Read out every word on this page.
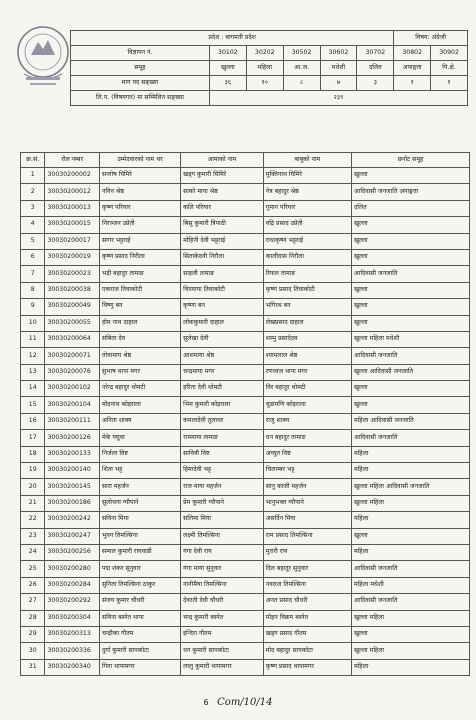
प्रदेश : बागमती प्रदेश						विषय: अंग्रेजी	
विज्ञापन नं.	30102	30202	30502	30602	30702	30802	30902
समूह	खुल्ला	महिला	आ.ज.	मधेशी	दलित	अपाङ्गता	पि.क्षे.
माग पद सङ्ख्या	३६	१०	८	७	३	१	१
लि.प. (विषयगत) मा सम्मिलित सङ्ख्या	२३९						
क्र.सं.	रोल नम्बर	उम्मेदवारको नाम थर	आमाको नाम	बाबुको नाम	छनोट समूह
1	30030200002	सन्तोष घिमिरे	खड्ग कुमारी घिमिरे	मुक्तिनाथ घिमिरे	खुल्ला
2	30030200012	नविन श्रेष्ठ	साको माया श्रेष्ठ	नेत्र बहादुर श्रेष्ठ	आदिवासी जनजाति अपाङ्गता
3	30030200013	कृष्ण परियार	कलि परियार	गुमान परियार	दलित
4	30030200015	निरञ्जन उप्रेती	बिसु कुमारी त्रिपाठी	वद्रि प्रसाद उप्रेती	खुल्ला
5	30030200017	सागर भट्टराई	मोहिनी देवी भट्टराई	राधाकृष्ण भट्टराई	खुल्ला
6	30030200019	कृष्ण प्रसाद निरौला	सिताकेदवी निरौला	कालीदास निरौला	खुल्ला
7	30030200023	भद्री बहादुर तामाङ	साइली तामाङ	रिफल तामाङ	आदिवासी जनजाति
8	30030200038	एकराज तिवाकोटी	चिरमाया तिवाकोटी	कृष्ण प्रसाद तिवाकोटी	खुल्ला
9	30030200049	विष्णु बन	कृष्णा बन	भगिरथ बन	खुल्ला
10	30030200055	होम नाथ दाहाल	लोककुमारी दाहाल	लेखप्रसाद दाहाल	खुल्ला
11	30030200064	सबिता देव	सुलेखा देवी	शम्भु प्रसादेदव	खुल्ला महिला मधेशी
12	30030200071	तोयामाय श्रेष्ठ	आशमाया श्रेष्ठ	श्यामलाल श्रेष्ठ	आदिवासी जनजाति
13	30030200076	सुभाष थापा मगर	चन्द्रमाया मगर	रणध्वज थापा मगर	खुल्ला आदिवासी जनजाति
14	30030200102	नरेन्द्र बहादुर थोमटी	हरिता देवी थोमटी	विर बहादुर थोमटी	खुल्ला
15	30030200104	मोदनाथ कोइराला	भिम कुमारी कोइराला	चुडामणि कोइराला	खुल्ला
16	30030200111	अनिता शाक्य	कमलादेवी तुलाधर	राजु शाक्य	महिला आदिवासी जनजाति
17	30030200126	मेके यघुवा	राममाया तामाङ	धन बहादुर तामाङ	आदिवासी जनजाति
18	30030200133	निर्जला विष्ट	सावित्री विष्ट	अच्युत विष्ट	महिला
19	30030200140	शिता भट्ट	हिमादेवी भट्ट	चिलाम्बर भट्ट	महिला
20	30030200145	सारा महर्जन	राज माया महर्जन	सानु काजी महर्जन	खुल्ला महिला आदिवासी जनजाति
21	30030200186	सुलोचना ग्यौपाने	प्रेम कुमारी ग्यौपाने	भानुभक्त ग्यौपाने	खुल्ला महिला
22	30030200242	सविना मिया	सलिमा मिया	असर्दिन मिया	महिला
23	30030200247	भुवन तिमल्सिना	लक्ष्मी तिमल्सिना	राम प्रसाद तिमल्सिना	खुल्ला
24	30030200256	सम्वल कुमारी राघवाडी	गंगा देवी राय	मुरारी राय	महिला
25	30030200280	पद्म शंकर सुनुवार	गंगा माया सुनुवार	दिल बहादुर सुनुवार	आदिवासी जनजाति
26	30030200284	सुनिता तिमल्सिना ठाकुर	नानीमैया तिमल्सिना	नवराज तिमल्सिना	महिला मधेशी
27	30030200292	संजय कुमार चौधरी	देवरती देवी चौधरी	अनत प्रसाद चौधरी	आदिवासी जनजाति
28	30030200304	सविना बस्नेत थापा	चन्द्र कुमारी बस्नेत	मोहन विक्रम बस्नेत	खुल्ला महिला
29	30030200313	चन्द्रीका गौतम	इन्दिरा गौतम	खड्ग प्रसाद गौतम	खुल्ला
30	30030200336	दुर्गा कुमारी सापकोटा	धन कुमारी सापकोटा	मोद बहादुर सापकोटा	खुल्ला महिला
31	30030200340	गिता थापामगर	लालु कुमारी थापामगर	कृष्ण प्रसाद थापामगर	महिला
6 Com/10/14
